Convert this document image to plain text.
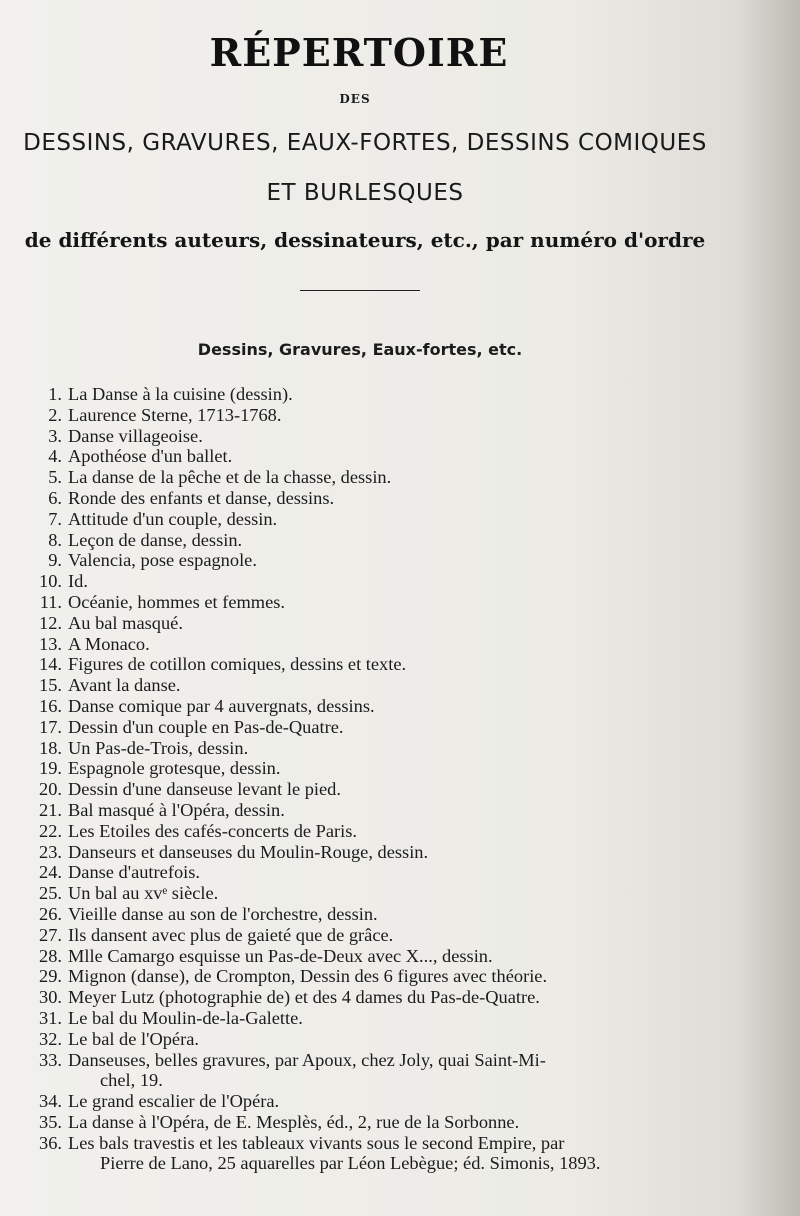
RÉPERTOIRE
DES
DESSINS, GRAVURES, EAUX-FORTES, DESSINS COMIQUES
ET BURLESQUES
de différents auteurs, dessinateurs, etc., par numéro d'ordre
Dessins, Gravures, Eaux-fortes, etc.
1. La Danse à la cuisine (dessin).
2. Laurence Sterne, 1713-1768.
3. Danse villageoise.
4. Apothéose d'un ballet.
5. La danse de la pêche et de la chasse, dessin.
6. Ronde des enfants et danse, dessins.
7. Attitude d'un couple, dessin.
8. Leçon de danse, dessin.
9. Valencia, pose espagnole.
10. Id.
11. Océanie, hommes et femmes.
12. Au bal masqué.
13. A Monaco.
14. Figures de cotillon comiques, dessins et texte.
15. Avant la danse.
16. Danse comique par 4 auvergnats, dessins.
17. Dessin d'un couple en Pas-de-Quatre.
18. Un Pas-de-Trois, dessin.
19. Espagnole grotesque, dessin.
20. Dessin d'une danseuse levant le pied.
21. Bal masqué à l'Opéra, dessin.
22. Les Etoiles des cafés-concerts de Paris.
23. Danseurs et danseuses du Moulin-Rouge, dessin.
24. Danse d'autrefois.
25. Un bal au xvᵉ siècle.
26. Vieille danse au son de l'orchestre, dessin.
27. Ils dansent avec plus de gaieté que de grâce.
28. Mlle Camargo esquisse un Pas-de-Deux avec X..., dessin.
29. Mignon (danse), de Crompton, Dessin des 6 figures avec théorie.
30. Meyer Lutz (photographie de) et des 4 dames du Pas-de-Quatre.
31. Le bal du Moulin-de-la-Galette.
32. Le bal de l'Opéra.
33. Danseuses, belles gravures, par Apoux, chez Joly, quai Saint-Mi-
chel, 19.
34. Le grand escalier de l'Opéra.
35. La danse à l'Opéra, de E. Mesplès, éd., 2, rue de la Sorbonne.
36. Les bals travestis et les tableaux vivants sous le second Empire, par
Pierre de Lano, 25 aquarelles par Léon Lebègue; éd. Simonis, 1893.
